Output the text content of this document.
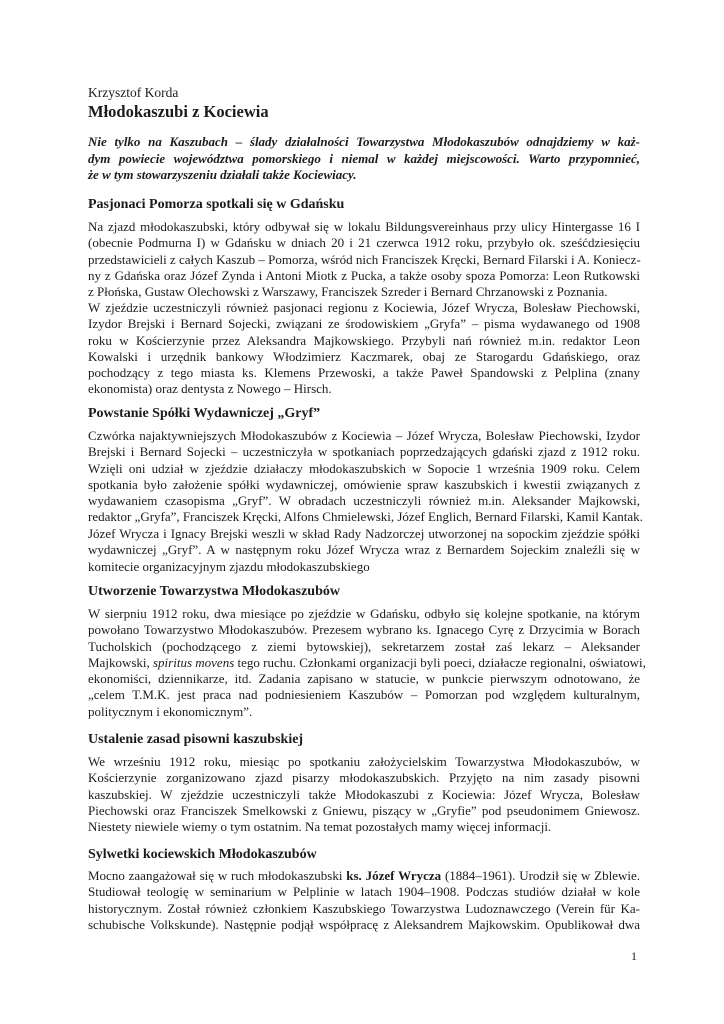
Krzysztof Korda
Młodokaszubi z Kociewia
Nie tylko na Kaszubach – ślady działalności Towarzystwa Młodokaszubów odnajdziemy w każ-
dym powiecie województwa pomorskiego i niemal w każdej miejscowości. Warto przypomnieć,
że w tym stowarzyszeniu działali także Kociewiacy.
Pasjonaci Pomorza spotkali się w Gdańsku
Na zjazd młodokaszubski, który odbywał się w lokalu Bildungsvereinhaus przy ulicy Hintergasse 16 I
(obecnie Podmurna I) w Gdańsku w dniach 20 i 21 czerwca 1912 roku, przybyło ok. sześćdziesięciu
przedstawicieli z całych Kaszub – Pomorza, wśród nich Franciszek Kręcki, Bernard Filarski i A. Koniecz-
ny z Gdańska oraz Józef Zynda i Antoni Miotk z Pucka, a także osoby spoza Pomorza: Leon Rutkowski
z Płońska, Gustaw Olechowski z Warszawy, Franciszek Szreder i Bernard Chrzanowski z Poznania.
W zjeździe uczestniczyli również pasjonaci regionu z Kociewia, Józef Wrycza, Bolesław Piechowski,
Izydor Brejski i Bernard Sojecki, związani ze środowiskiem „Gryfa” – pisma wydawanego od 1908
roku w Kościerzynie przez Aleksandra Majkowskiego. Przybyli nań również m.in. redaktor Leon
Kowalski i urzędnik bankowy Włodzimierz Kaczmarek, obaj ze Starogardu Gdańskiego, oraz
pochodzący z tego miasta ks. Klemens Przewoski, a także Paweł Spandowski z Pelplina (znany
ekonomista) oraz dentysta z Nowego – Hirsch.
Powstanie Spółki Wydawniczej „Gryf”
Czwórka najaktywniejszych Młodokaszubów z Kociewia – Józef Wrycza, Bolesław Piechowski, Izydor
Brejski i Bernard Sojecki – uczestniczyła w spotkaniach poprzedzających gdański zjazd z 1912 roku.
Wzięli oni udział w zjeździe działaczy młodokaszubskich w Sopocie 1 września 1909 roku. Celem
spotkania było założenie spółki wydawniczej, omówienie spraw kaszubskich i kwestii związanych z
wydawaniem czasopisma „Gryf”. W obradach uczestniczyli również m.in. Aleksander Majkowski,
redaktor „Gryfa”, Franciszek Kręcki, Alfons Chmielewski, Józef Englich, Bernard Filarski, Kamil Kantak.
Józef Wrycza i Ignacy Brejski weszli w skład Rady Nadzorczej utworzonej na sopockim zjeździe spółki
wydawniczej „Gryf”. A w następnym roku Józef Wrycza wraz z Bernardem Sojeckim znaleźli się w
komitecie organizacyjnym zjazdu młodokaszubskiego
Utworzenie Towarzystwa Młodokaszubów
W sierpniu 1912 roku, dwa miesiące po zjeździe w Gdańsku, odbyło się kolejne spotkanie, na którym
powołano Towarzystwo Młodokaszubów. Prezesem wybrano ks. Ignacego Cyrę z Drzycimia w Borach
Tucholskich (pochodzącego z ziemi bytowskiej), sekretarzem został zaś lekarz – Aleksander
Majkowski, spiritus movens tego ruchu. Członkami organizacji byli poeci, działacze regionalni, oświatowi,
ekonomiści, dziennikarze, itd. Zadania zapisano w statucie, w punkcie pierwszym odnotowano, że
„celem T.M.K. jest praca nad podniesieniem Kaszubów – Pomorzan pod względem kulturalnym,
politycznym i ekonomicznym”.
Ustalenie zasad pisowni kaszubskiej
We wrześniu 1912 roku, miesiąc po spotkaniu założycielskim Towarzystwa Młodokaszubów, w
Kościerzynie zorganizowano zjazd pisarzy młodokaszubskich. Przyjęto na nim zasady pisowni
kaszubskiej. W zjeździe uczestniczyli także Młodokaszubi z Kociewia: Józef Wrycza, Bolesław
Piechowski oraz Franciszek Smelkowski z Gniewu, piszący w „Gryfie” pod pseudonimem Gniewosz.
Niestety niewiele wiemy o tym ostatnim. Na temat pozostałych mamy więcej informacji.
Sylwetki kociewskich Młodokaszubów
Mocno zaangażował się w ruch młodokaszubski ks. Józef Wrycza (1884–1961). Urodził się w Zblewie.
Studiował teologię w seminarium w Pelplinie w latach 1904–1908. Podczas studiów działał w kole
historycznym. Został również członkiem Kaszubskiego Towarzystwa Ludoznawczego (Verein für Ka-
schubische Volkskunde). Następnie podjął współpracę z Aleksandrem Majkowskim. Opublikował dwa
1
